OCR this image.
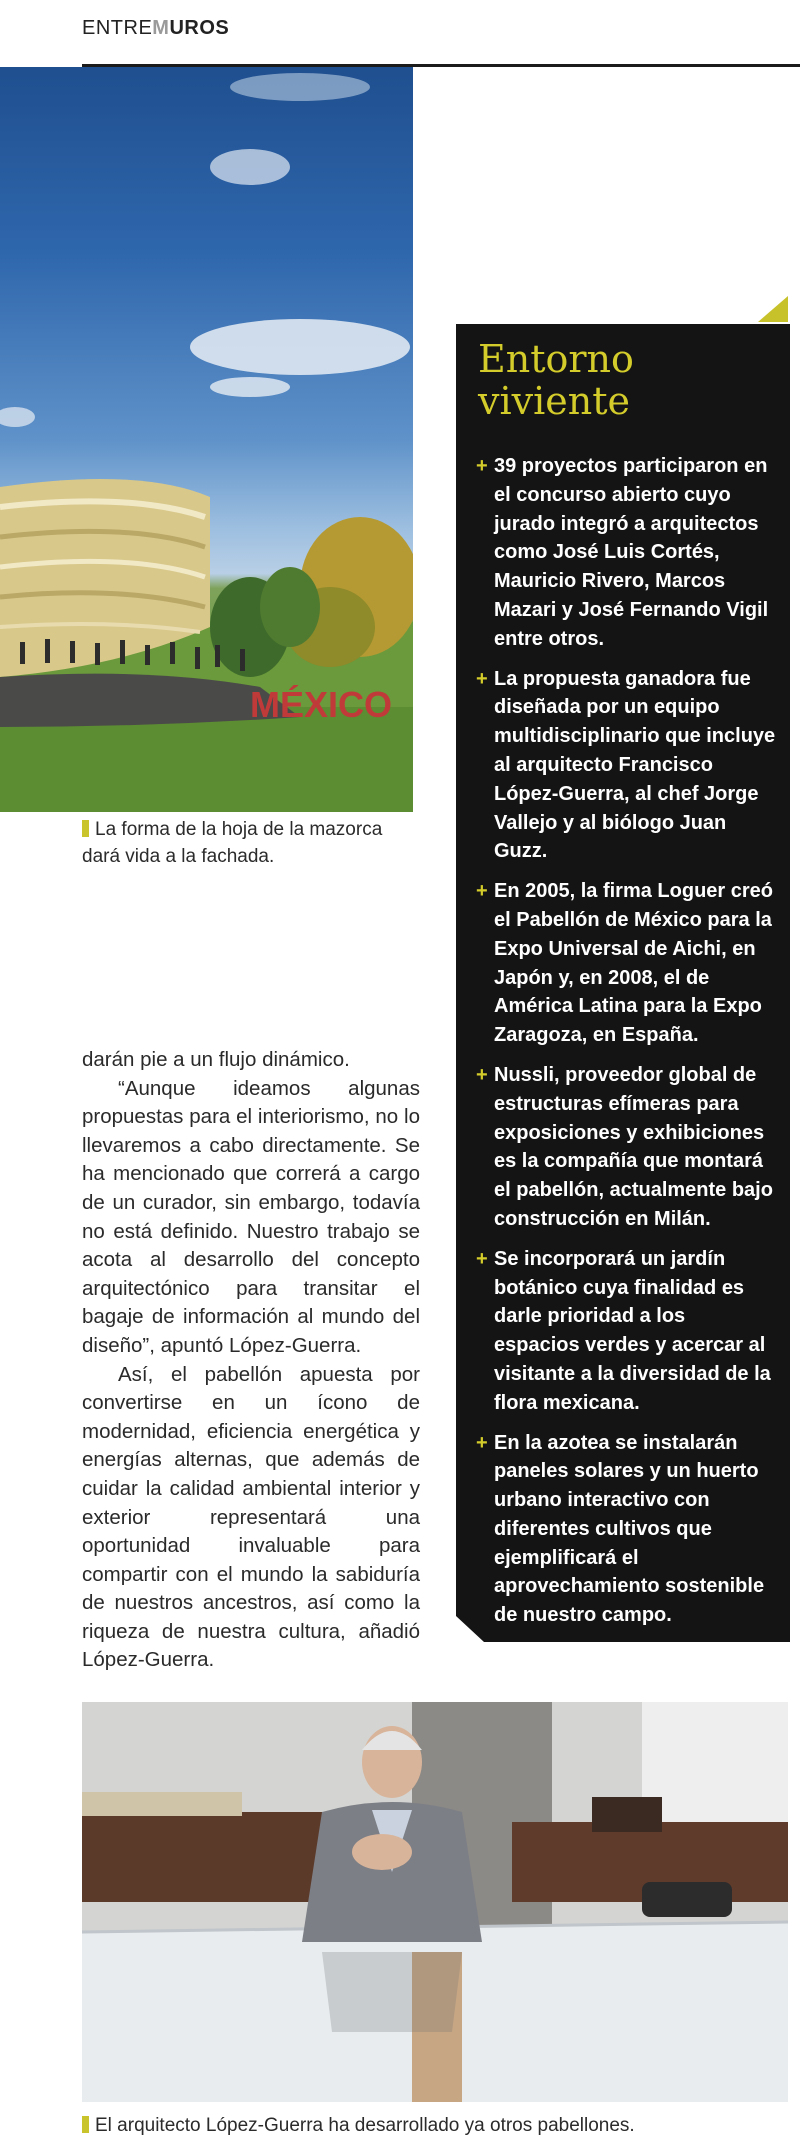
ENTREMUROS
MÉXICO
La forma de la hoja de la mazorca dará vida a la fachada.
Entorno viviente
+ 39 proyectos participaron en el concurso abierto cuyo jurado integró a arquitectos como José Luis Cortés, Mauricio Rivero, Marcos Mazari y José Fernando Vigil entre otros.
+ La propuesta ganadora fue diseñada por un equipo multidisciplinario que incluye al arquitecto Francisco López-Guerra, al chef Jorge Vallejo y al biólogo Juan Guzz.
+ En 2005, la firma Loguer creó el Pabellón de México para la Expo Universal de Aichi, en Japón y, en 2008, el de América Latina para la Expo Zaragoza, en España.
+ Nussli, proveedor global de estructuras efímeras para exposiciones y exhibiciones es la compañía que montará el pabellón, actualmente bajo construcción en Milán.
+ Se incorporará un jardín botánico cuya finalidad es darle prioridad a los espacios verdes y acercar al visitante a la diversidad de la flora mexicana.
+ En la azotea se instalarán paneles solares y un huerto urbano interactivo con diferentes cultivos que ejemplificará el aprovechamiento sostenible de nuestro campo.

darán pie a un flujo dinámico.

“Aunque ideamos algunas propuestas para el interiorismo, no lo llevaremos a cabo directamente. Se ha mencionado que correrá a cargo de un curador, sin embargo, todavía no está definido. Nuestro trabajo se acota al desarrollo del concepto arquitectónico para transitar el bagaje de información al mundo del diseño”, apuntó López-Guerra.

Así, el pabellón apuesta por convertirse en un ícono de modernidad, eficiencia energética y energías alternas, que además de cuidar la calidad ambiental interior y exterior representará una oportunidad invaluable para compartir con el mundo la sabiduría de nuestros ancestros, así como la riqueza de nuestra cultura, añadió López-Guerra.

El arquitecto López-Guerra ha desarrollado ya otros pabellones.
